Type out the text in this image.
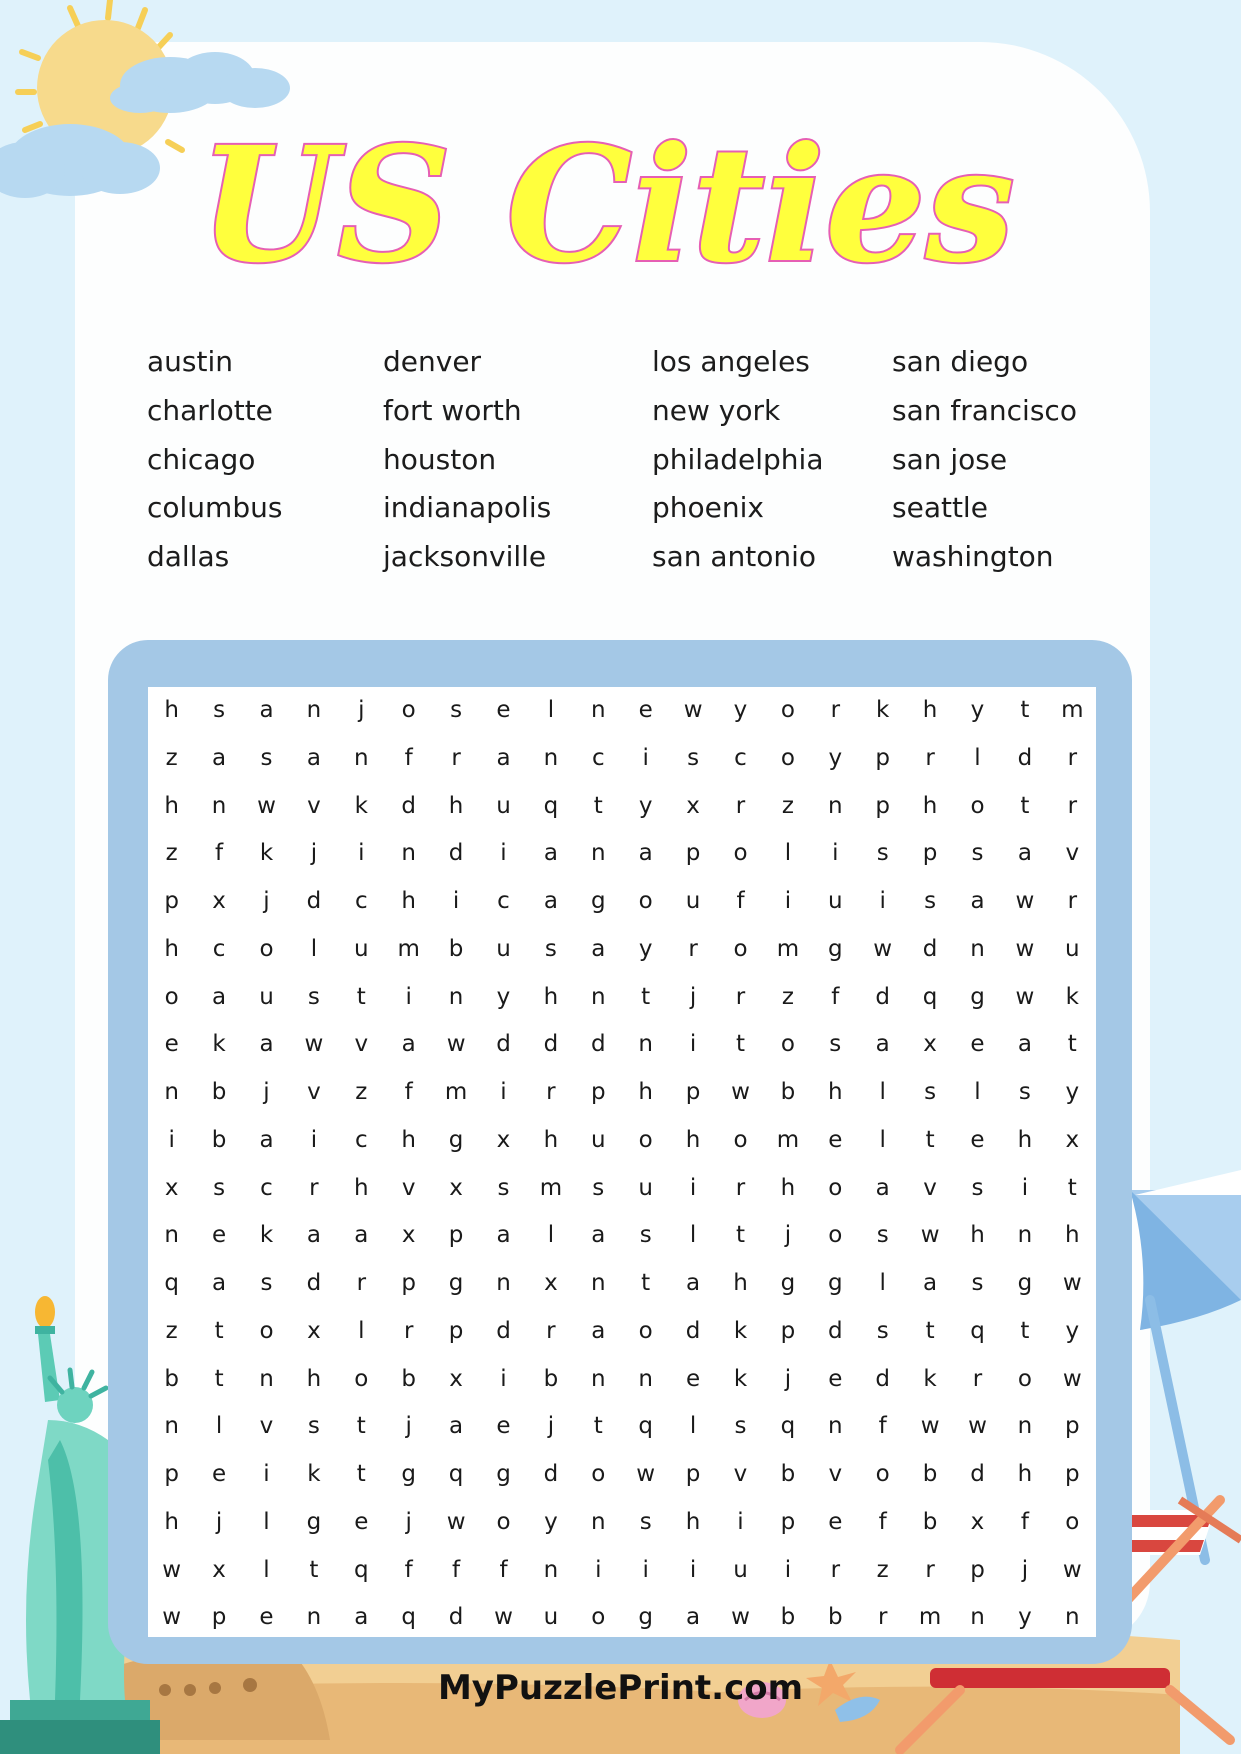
US Cities
austin
charlotte
chicago
columbus
dallas
denver
fort worth
houston
indianapolis
jacksonville
los angeles
new york
philadelphia
phoenix
san antonio
san diego
san francisco
san jose
seattle
washington
h	s	a	n	j	o	s	e	l	n	e	w	y	o	r	k	h	y	t	m
z	a	s	a	n	f	r	a	n	c	i	s	c	o	y	p	r	l	d	r
h	n	w	v	k	d	h	u	q	t	y	x	r	z	n	p	h	o	t	r
z	f	k	j	i	n	d	i	a	n	a	p	o	l	i	s	p	s	a	v
p	x	j	d	c	h	i	c	a	g	o	u	f	i	u	i	s	a	w	r
h	c	o	l	u	m	b	u	s	a	y	r	o	m	g	w	d	n	w	u
o	a	u	s	t	i	n	y	h	n	t	j	r	z	f	d	q	g	w	k
e	k	a	w	v	a	w	d	d	d	n	i	t	o	s	a	x	e	a	t
n	b	j	v	z	f	m	i	r	p	h	p	w	b	h	l	s	l	s	y
i	b	a	i	c	h	g	x	h	u	o	h	o	m	e	l	t	e	h	x
x	s	c	r	h	v	x	s	m	s	u	i	r	h	o	a	v	s	i	t
n	e	k	a	a	x	p	a	l	a	s	l	t	j	o	s	w	h	n	h
q	a	s	d	r	p	g	n	x	n	t	a	h	g	g	l	a	s	g	w
z	t	o	x	l	r	p	d	r	a	o	d	k	p	d	s	t	q	t	y
b	t	n	h	o	b	x	i	b	n	n	e	k	j	e	d	k	r	o	w
n	l	v	s	t	j	a	e	j	t	q	l	s	q	n	f	w	w	n	p
p	e	i	k	t	g	q	g	d	o	w	p	v	b	v	o	b	d	h	p
h	j	l	g	e	j	w	o	y	n	s	h	i	p	e	f	b	x	f	o
w	x	l	t	q	f	f	f	n	i	i	i	u	i	r	z	r	p	j	w
w	p	e	n	a	q	d	w	u	o	g	a	w	b	b	r	m	n	y	n
MyPuzzlePrint.com
